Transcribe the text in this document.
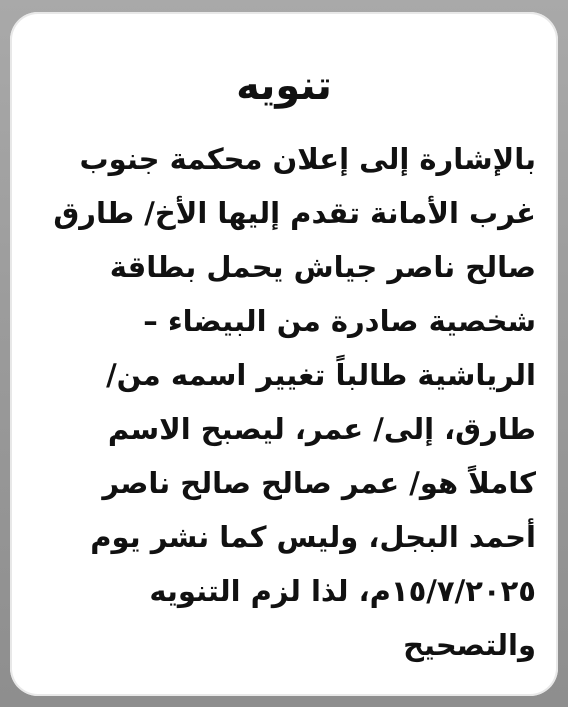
تنويه
بالإشارة إلى إعلان محكمة جنوب
غرب الأمانة تقدم إليها الأخ/ طارق
صالح ناصر جياش يحمل بطاقة
شخصية صادرة من البيضاء –
الرياشية طالباً تغيير اسمه من/
طارق، إلى/ عمر، ليصبح الاسم
كاملاً هو/ عمر صالح صالح ناصر
أحمد البجل، وليس كما نشر يوم
١٥/٧/٢٠٢٥م، لذا لزم التنويه
والتصحيح
